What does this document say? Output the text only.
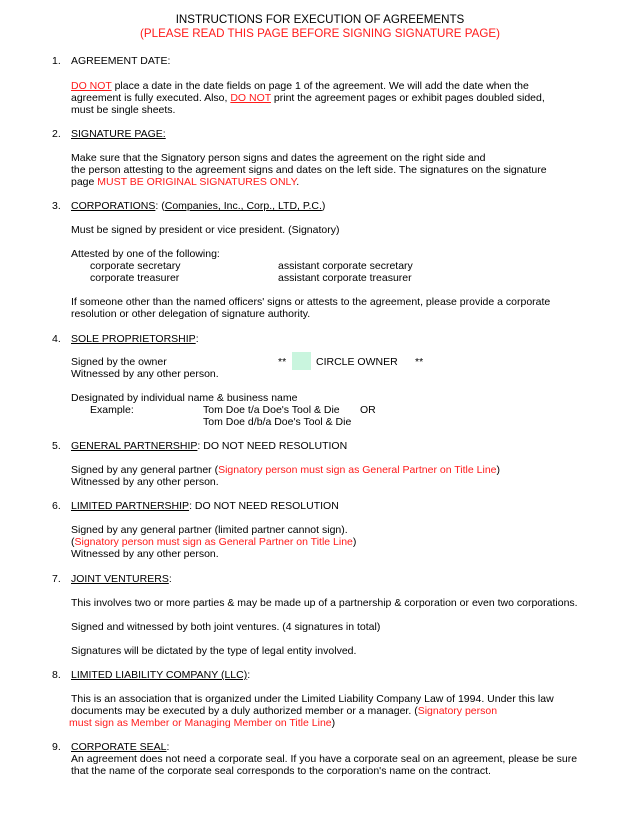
INSTRUCTIONS FOR EXECUTION OF AGREEMENTS
(PLEASE READ THIS PAGE BEFORE SIGNING SIGNATURE PAGE)
1. AGREEMENT DATE:
DO NOT place a date in the date fields on page 1 of the agreement. We will add the date when the
agreement is fully executed. Also, DO NOT print the agreement pages or exhibit pages doubled sided,
must be single sheets.
2. SIGNATURE PAGE:
Make sure that the Signatory person signs and dates the agreement on the right side and
the person attesting to the agreement signs and dates on the left side. The signatures on the signature
page MUST BE ORIGINAL SIGNATURES ONLY.
3. CORPORATIONS: (Companies, Inc., Corp., LTD, P.C.)
Must be signed by president or vice president. (Signatory)
Attested by one of the following:
corporate secretary	assistant corporate secretary
corporate treasurer	assistant corporate treasurer
If someone other than the named officers' signs or attests to the agreement, please provide a corporate
resolution or other delegation of signature authority.
4. SOLE PROPRIETORSHIP:
Signed by the owner	**	CIRCLE OWNER **
Witnessed by any other person.
Designated by individual name & business name
Example:	Tom Doe t/a Doe's Tool & Die OR
Tom Doe d/b/a Doe's Tool & Die
5. GENERAL PARTNERSHIP: DO NOT NEED RESOLUTION
Signed by any general partner (Signatory person must sign as General Partner on Title Line)
Witnessed by any other person.
6. LIMITED PARTNERSHIP: DO NOT NEED RESOLUTION
Signed by any general partner (limited partner cannot sign).
(Signatory person must sign as General Partner on Title Line)
Witnessed by any other person.
7. JOINT VENTURERS:
This involves two or more parties & may be made up of a partnership & corporation or even two corporations.
Signed and witnessed by both joint ventures. (4 signatures in total)
Signatures will be dictated by the type of legal entity involved.
8. LIMITED LIABILITY COMPANY (LLC):
This is an association that is organized under the Limited Liability Company Law of 1994. Under this law
documents may be executed by a duly authorized member or a manager. (Signatory person
must sign as Member or Managing Member on Title Line)
9. CORPORATE SEAL:
An agreement does not need a corporate seal. If you have a corporate seal on an agreement, please be sure
that the name of the corporate seal corresponds to the corporation's name on the contract.
